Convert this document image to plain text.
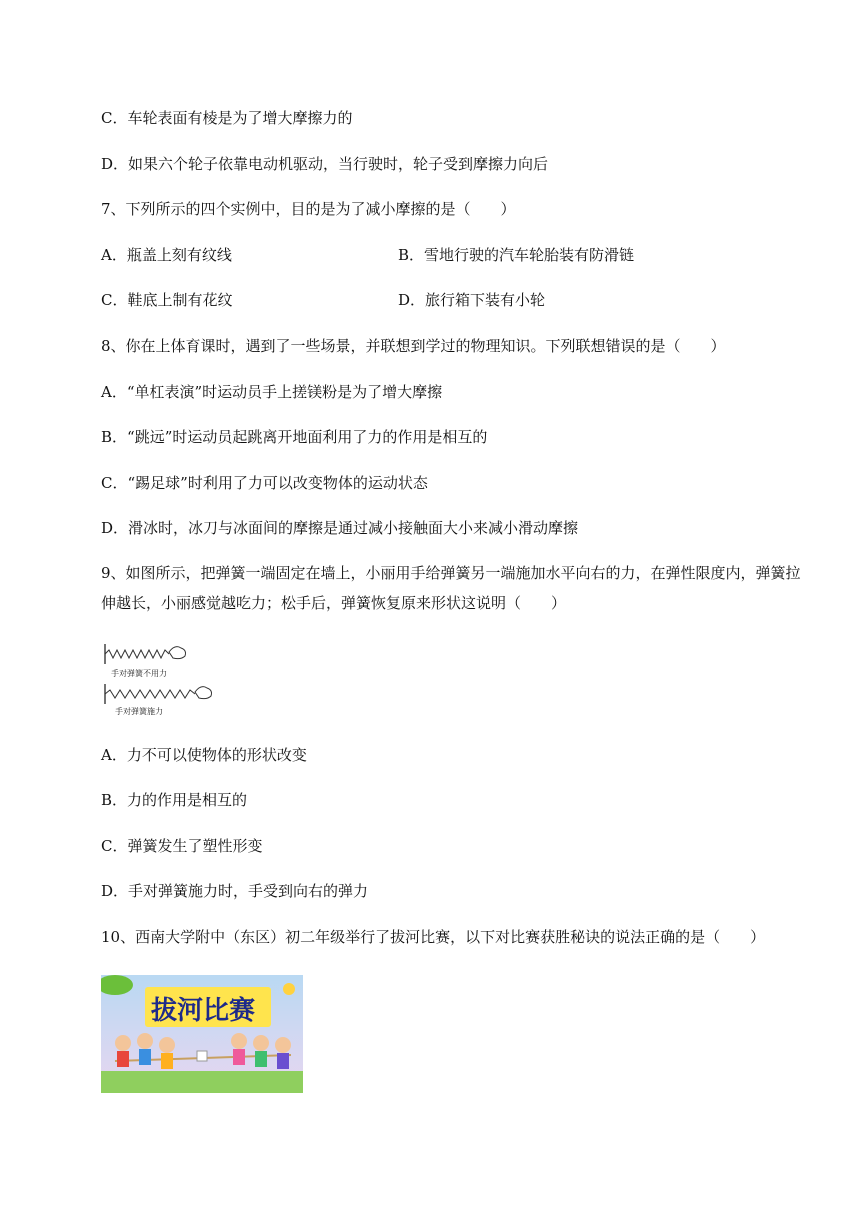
C．车轮表面有棱是为了增大摩擦力的
D．如果六个轮子依靠电动机驱动，当行驶时，轮子受到摩擦力向后
7、下列所示的四个实例中，目的是为了减小摩擦的是（　　）
A．瓶盖上刻有纹线	B．雪地行驶的汽车轮胎装有防滑链
C．鞋底上制有花纹	D．旅行箱下装有小轮
8、你在上体育课时，遇到了一些场景，并联想到学过的物理知识。下列联想错误的是（　　）
A．“单杠表演”时运动员手上搓镁粉是为了增大摩擦
B．“跳远”时运动员起跳离开地面利用了力的作用是相互的
C．“踢足球”时利用了力可以改变物体的运动状态
D．滑冰时，冰刀与冰面间的摩擦是通过减小接触面大小来减小滑动摩擦
9、如图所示，把弹簧一端固定在墙上，小丽用手给弹簧另一端施加水平向右的力，在弹性限度内，弹簧拉伸越长，小丽感觉越吃力；松手后，弹簧恢复原来形状这说明（　　）
手对弹簧不用力
手对弹簧施力
A．力不可以使物体的形状改变
B．力的作用是相互的
C．弹簧发生了塑性形变
D．手对弹簧施力时，手受到向右的弹力
10、西南大学附中（东区）初二年级举行了拔河比赛，以下对比赛获胜秘诀的说法正确的是（　　）
拔河比赛
